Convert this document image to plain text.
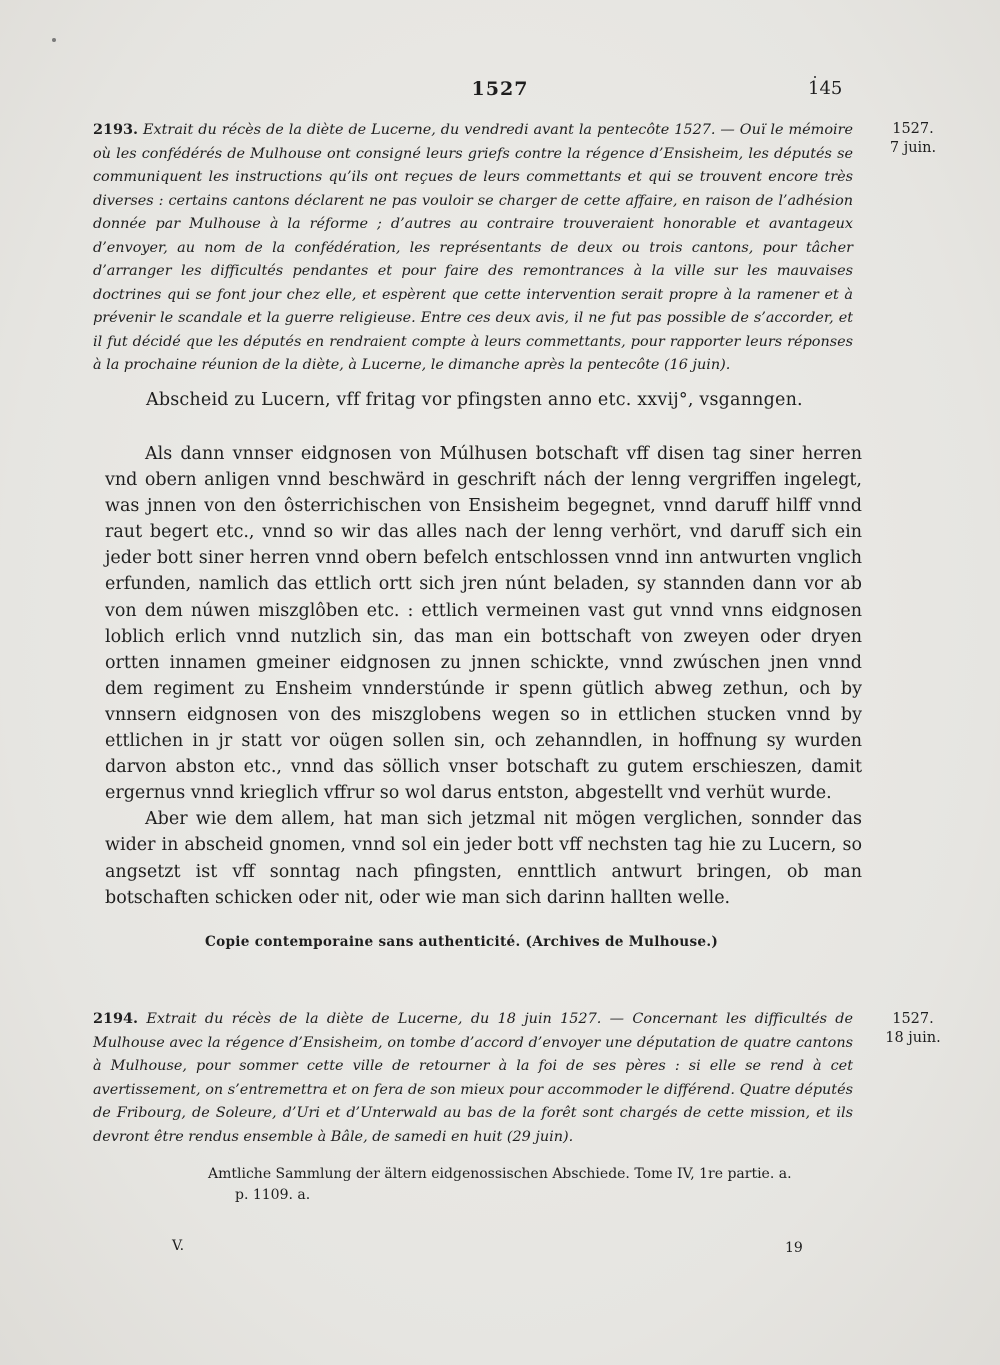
1527	145
2193. Extrait du récès de la diète de Lucerne, du vendredi avant la pentecôte 1527. — Ouï le mémoire où les confédérés de Mulhouse ont consigné leurs griefs contre la régence d’Ensisheim, les députés se communiquent les instructions qu’ils ont reçues de leurs commettants et qui se trouvent encore très diverses : certains cantons déclarent ne pas vouloir se charger de cette affaire, en raison de l’adhésion donnée par Mulhouse à la réforme ; d’autres au contraire trouveraient honorable et avantageux d’envoyer, au nom de la confédération, les représentants de deux ou trois cantons, pour tâcher d’arranger les difficultés pendantes et pour faire des remontrances à la ville sur les mauvaises doctrines qui se font jour chez elle, et espèrent que cette intervention serait propre à la ramener et à prévenir le scandale et la guerre religieuse. Entre ces deux avis, il ne fut pas possible de s’accorder, et il fut décidé que les députés en rendraient compte à leurs commettants, pour rapporter leurs réponses à la prochaine réunion de la diète, à Lucerne, le dimanche après la pentecôte (16 juin).
1527.
7 juin.
Abscheid zu Lucern, vff fritag vor pfingsten anno etc. xxvij°, vsganngen.

Als dann vnnser eidgnosen von Múlhusen botschaft vff disen tag siner herren vnd obern anligen vnnd beschwärd in geschrift nách der lenng vergriffen ingelegt, was jnnen von den ôsterrichischen von Ensisheim begegnet, vnnd daruff hilff vnnd raut begert etc., vnnd so wir das alles nach der lenng verhört, vnd daruff sich ein jeder bott siner herren vnnd obern befelch entschlossen vnnd inn antwurten vnglich erfunden, namlich das ettlich ortt sich jren núnt beladen, sy stannden dann vor ab von dem núwen miszglôben etc. : ettlich vermeinen vast gut vnnd vnns eidgnosen loblich erlich vnnd nutzlich sin, das man ein bottschaft von zweyen oder dryen ortten innamen gmeiner eidgnosen zu jnnen schickte, vnnd zwúschen jnen vnnd dem regiment zu Ensheim vnnderstúnde ir spenn gütlich abweg zethun, och by vnnsern eidgnosen von des miszglobens wegen so in ettlichen stucken vnnd by ettlichen in jr statt vor oügen sollen sin, och zehanndlen, in hoffnung sy wurden darvon abston etc., vnnd das söllich vnser botschaft zu gutem erschieszen, damit ergernus vnnd krieglich vffrur so wol darus entston, abgestellt vnd verhüt wurde.

Aber wie dem allem, hat man sich jetzmal nit mögen verglichen, sonnder das wider in abscheid gnomen, vnnd sol ein jeder bott vff nechsten tag hie zu Lucern, so angsetzt ist vff sonntag nach pfingsten, ennttlich antwurt bringen, ob man botschaften schicken oder nit, oder wie man sich darinn hallten welle.

Copie contemporaine sans authenticité. (Archives de Mulhouse.)
2194. Extrait du récès de la diète de Lucerne, du 18 juin 1527. — Concernant les difficultés de Mulhouse avec la régence d’Ensisheim, on tombe d’accord d’envoyer une députation de quatre cantons à Mulhouse, pour sommer cette ville de retourner à la foi de ses pères : si elle se rend à cet avertissement, on s’entremettra et on fera de son mieux pour accommoder le différend. Quatre députés de Fribourg, de Soleure, d’Uri et d’Unterwald au bas de la forêt sont chargés de cette mission, et ils devront être rendus ensemble à Bâle, de samedi en huit (29 juin).
1527.
18 juin.
Amtliche Sammlung der ältern eidgenossischen Abschiede. Tome IV, 1re partie. a.
p. 1109. a.
V.	19
